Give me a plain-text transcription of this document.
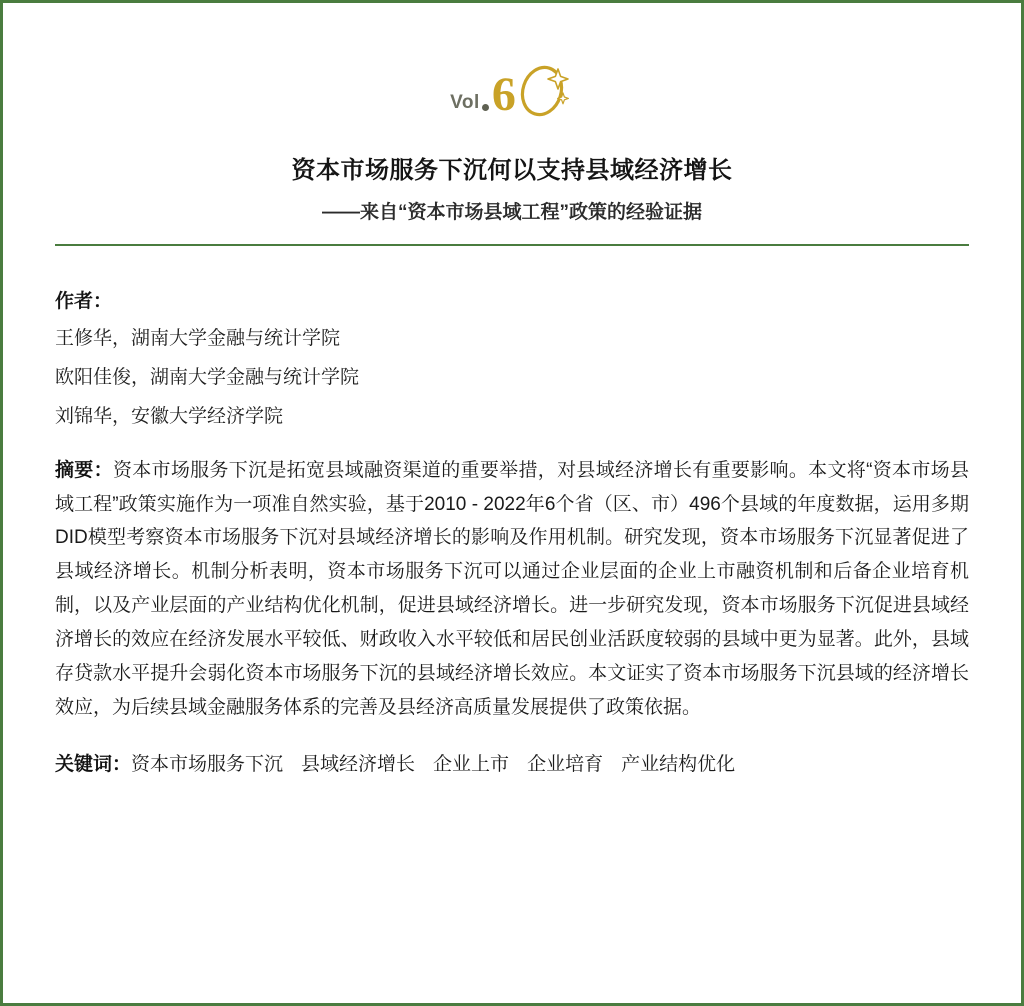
Vol 6
资本市场服务下沉何以支持县域经济增长

——来自“资本市场县域工程”政策的经验证据

作者：
王修华，湖南大学金融与统计学院
欧阳佳俊，湖南大学金融与统计学院
刘锦华，安徽大学经济学院
摘要：资本市场服务下沉是拓宽县域融资渠道的重要举措，对县域经济增长有重要影响。本文将“资本市场县域工程”政策实施作为一项准自然实验，基于2010 - 2022年6个省（区、市）496个县域的年度数据，运用多期DID模型考察资本市场服务下沉对县域经济增长的影响及作用机制。研究发现，资本市场服务下沉显著促进了县域经济增长。机制分析表明，资本市场服务下沉可以通过企业层面的企业上市融资机制和后备企业培育机制，以及产业层面的产业结构优化机制，促进县域经济增长。进一步研究发现，资本市场服务下沉促进县域经济增长的效应在经济发展水平较低、财政收入水平较低和居民创业活跃度较弱的县域中更为显著。此外，县域存贷款水平提升会弱化资本市场服务下沉的县域经济增长效应。本文证实了资本市场服务下沉县域的经济增长效应，为后续县域金融服务体系的完善及县经济高质量发展提供了政策依据。
关键词：资本市场服务下沉 县域经济增长 企业上市 企业培育 产业结构优化
